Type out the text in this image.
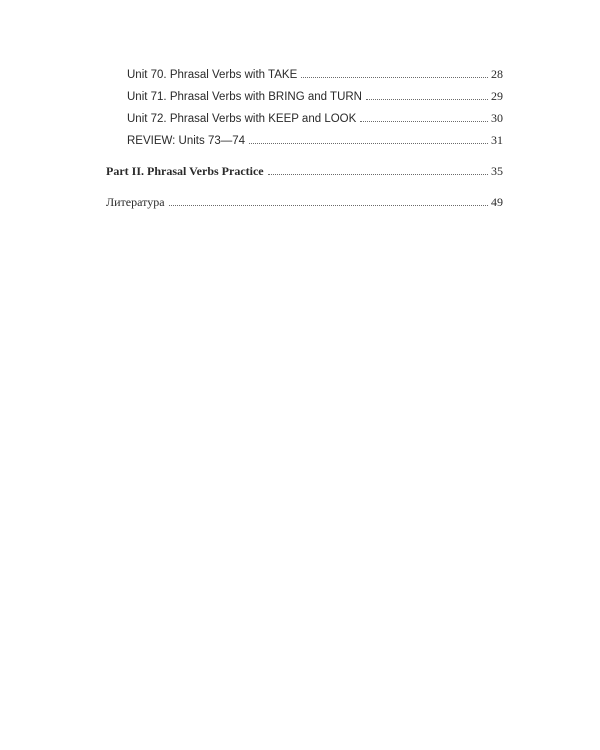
Unit 70. Phrasal Verbs with TAKE	28
Unit 71. Phrasal Verbs with BRING and TURN	29
Unit 72. Phrasal Verbs with KEEP and LOOK	30
REVIEW: Units 73—74	31
Part II. Phrasal Verbs Practice	35
Литература	49
